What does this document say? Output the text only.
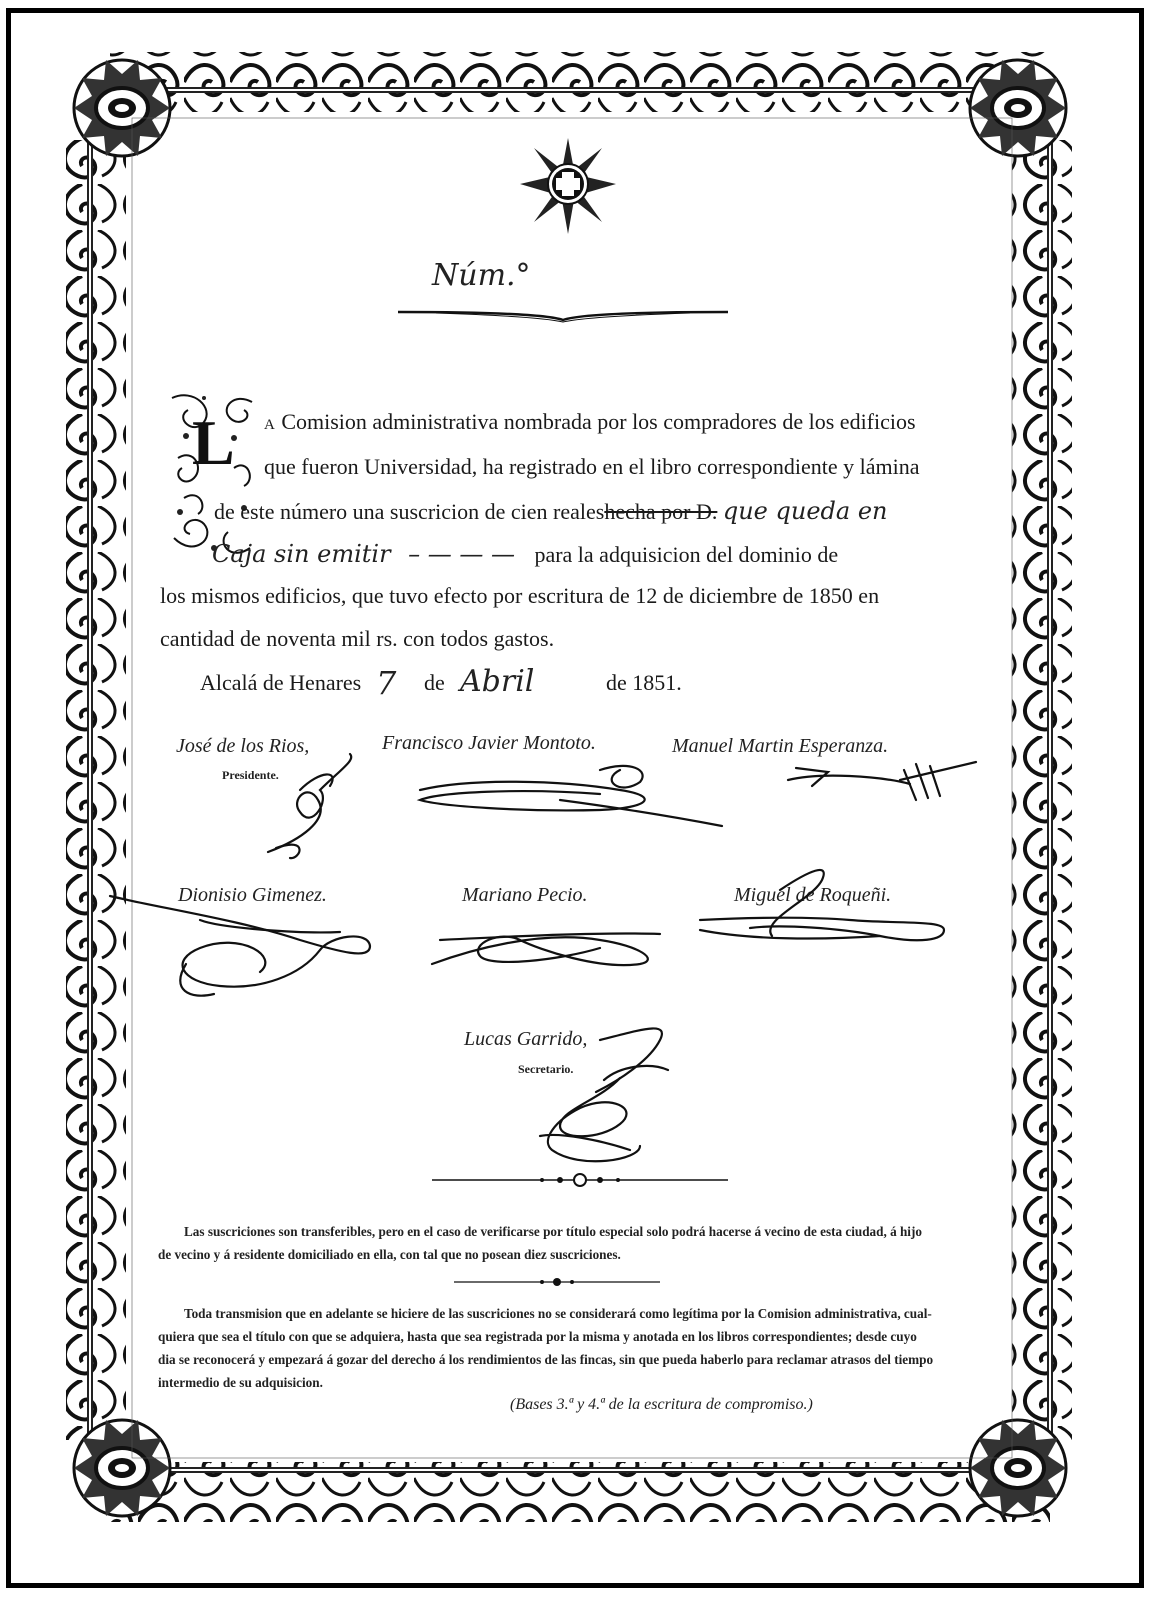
Núm.°
L A Comision administrativa nombrada por los compradores de los edificios
que fueron Universidad, ha registrado en el libro correspondiente y lámina
de este número una suscricion de cien realeshecha por D. que queda en
Caja sin emitir – — — — para la adquisicion del dominio de
los mismos edificios, que tuvo efecto por escritura de 12 de diciembre de 1850 en
cantidad de noventa mil rs. con todos gastos.
Alcalá de Henares 7 de Abril	de 1851.
José de los Rios,
Presidente.
Francisco Javier Montoto.	Manuel Martin Esperanza.
Dionisio Gimenez.	Mariano Pecio.	Miguel de Roqueñi.
Lucas Garrido,
Secretario.
Las suscriciones son transferibles, pero en el caso de verificarse por título especial solo podrá hacerse á vecino de esta ciudad, á hijo
de vecino y á residente domiciliado en ella, con tal que no posean diez suscriciones.
Toda transmision que en adelante se hiciere de las suscriciones no se considerará como legítima por la Comision administrativa, cual-
quiera que sea el título con que se adquiera, hasta que sea registrada por la misma y anotada en los libros correspondientes; desde cuyo
dia se reconocerá y empezará á gozar del derecho á los rendimientos de las fincas, sin que pueda haberlo para reclamar atrasos del tiempo
intermedio de su adquisicion.
(Bases 3.ª y 4.ª de la escritura de compromiso.)
